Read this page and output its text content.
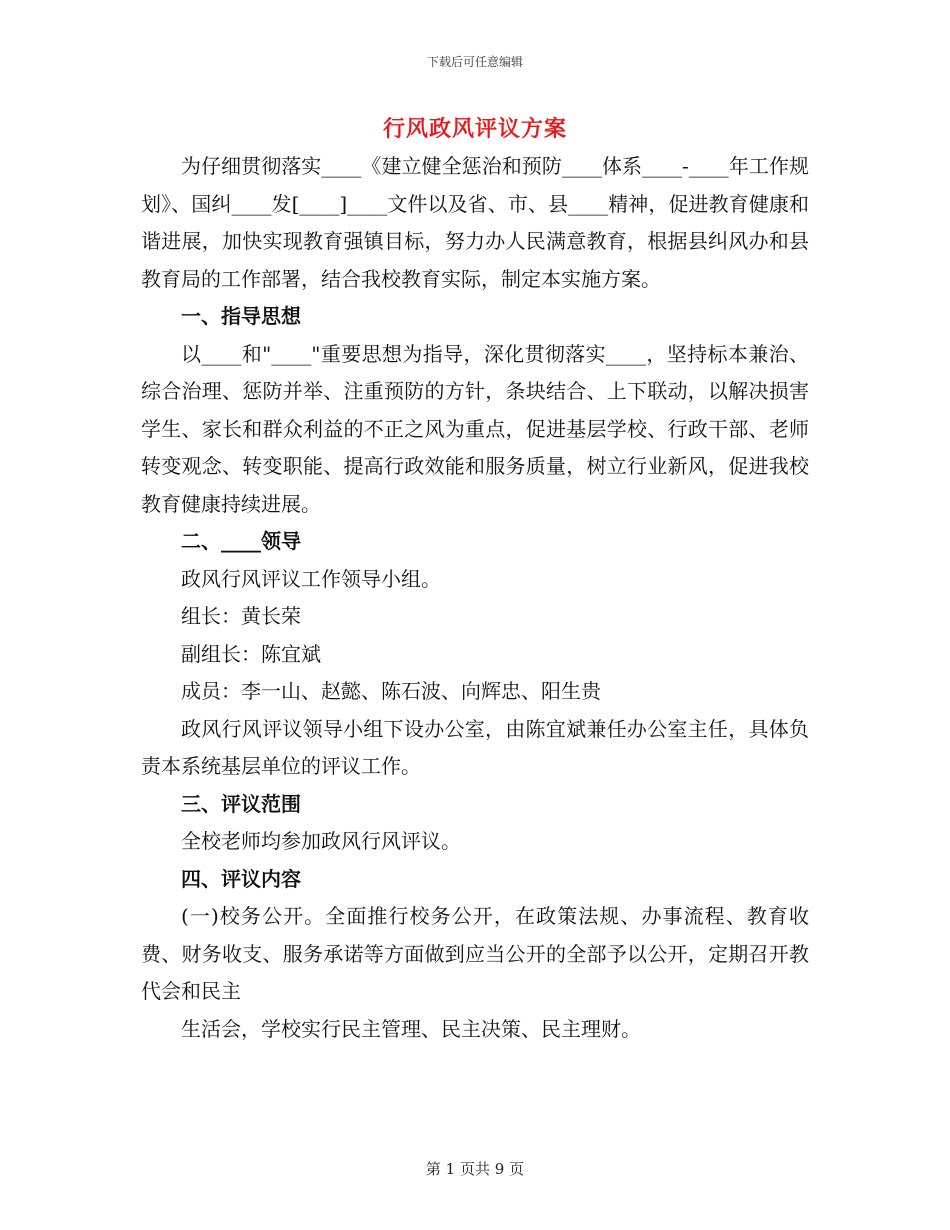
下载后可任意编辑
行风政风评议方案

为仔细贯彻落实____《建立健全惩治和预防____体系____-____年工作规划》、国纠____发[____]____文件以及省、市、县____精神，促进教育健康和谐进展，加快实现教育强镇目标，努力办人民满意教育，根据县纠风办和县教育局的工作部署，结合我校教育实际，制定本实施方案。

一、指导思想

以____和"____"重要思想为指导，深化贯彻落实____，坚持标本兼治、综合治理、惩防并举、注重预防的方针，条块结合、上下联动，以解决损害学生、家长和群众利益的不正之风为重点，促进基层学校、行政干部、老师转变观念、转变职能、提高行政效能和服务质量，树立行业新风，促进我校教育健康持续进展。

二、____领导

政风行风评议工作领导小组。

组长：黄长荣

副组长：陈宜斌

成员：李一山、赵懿、陈石波、向辉忠、阳生贵

政风行风评议领导小组下设办公室，由陈宜斌兼任办公室主任，具体负责本系统基层单位的评议工作。

三、评议范围

全校老师均参加政风行风评议。

四、评议内容

(一)校务公开。全面推行校务公开，在政策法规、办事流程、教育收费、财务收支、服务承诺等方面做到应当公开的全部予以公开，定期召开教代会和民主

生活会，学校实行民主管理、民主决策、民主理财。

第 1 页共 9 页
